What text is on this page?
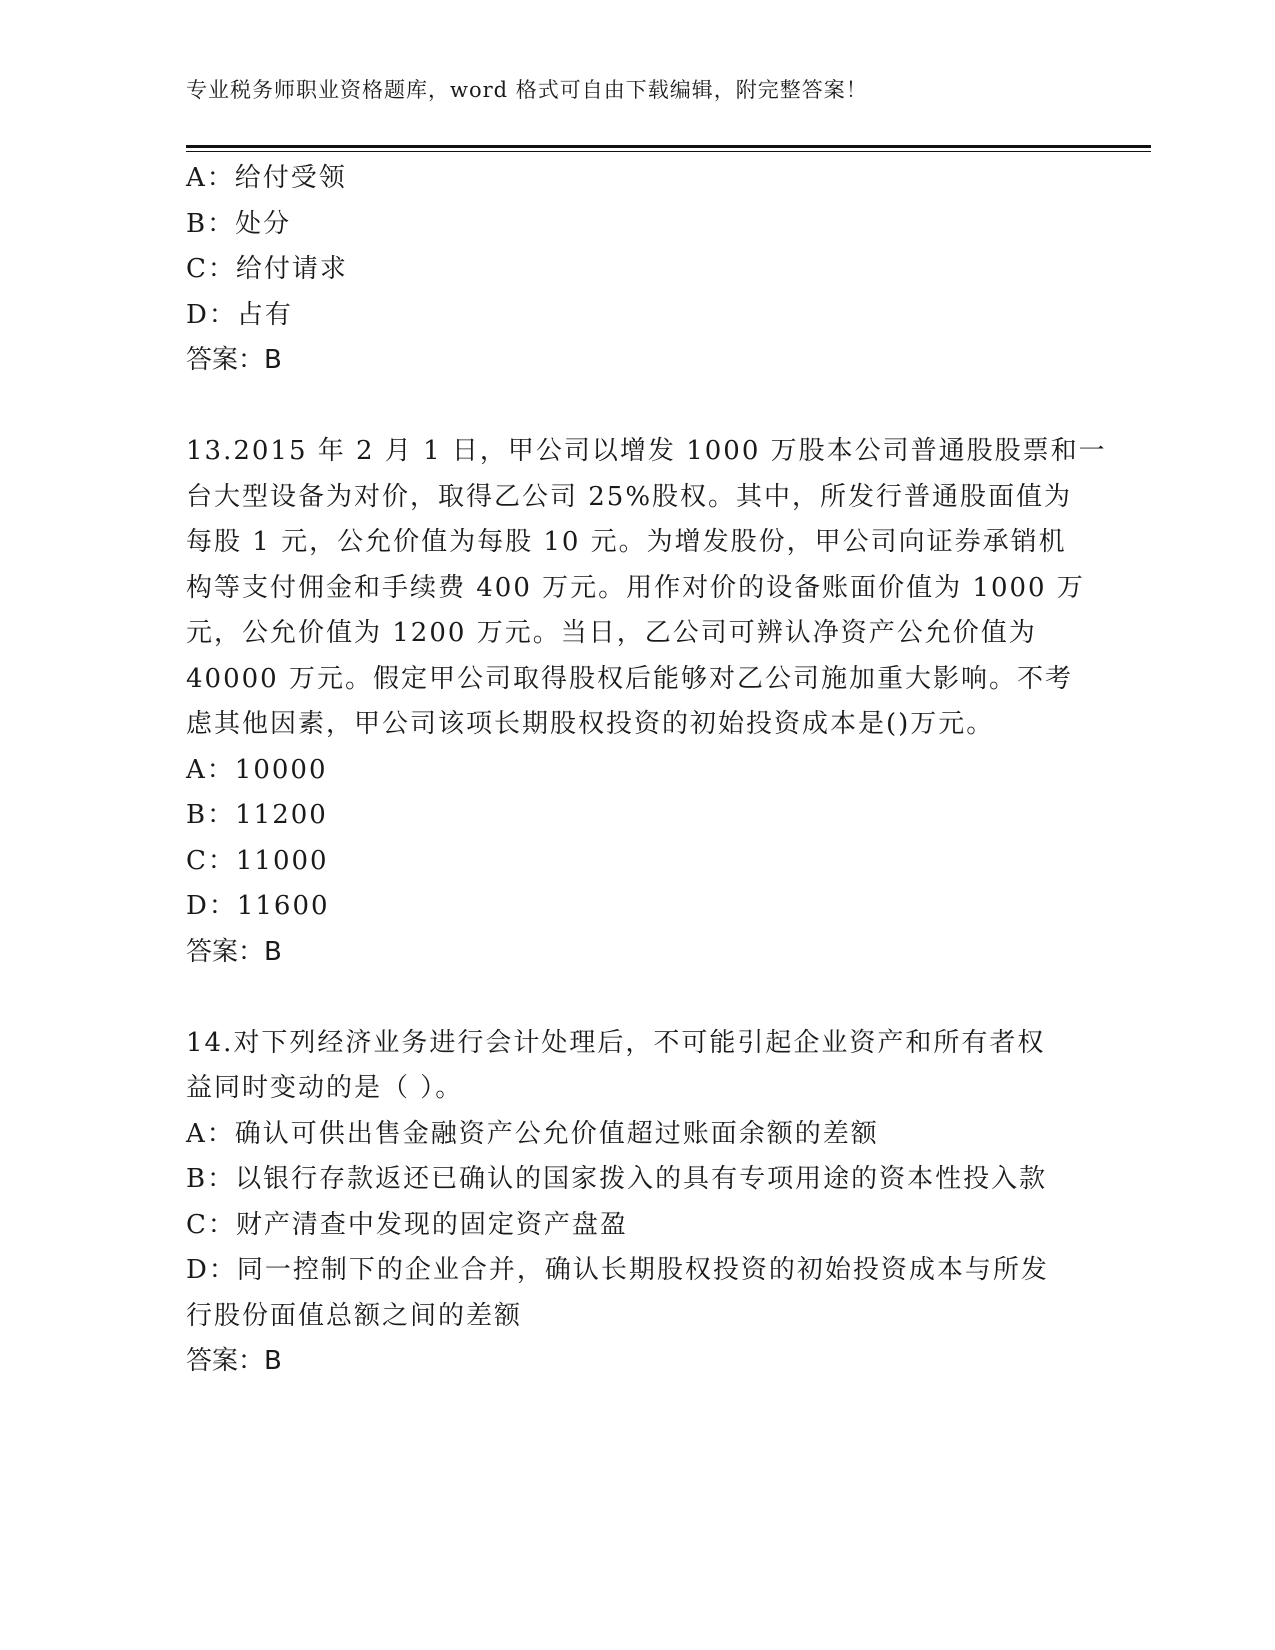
专业税务师职业资格题库，word 格式可自由下载编辑，附完整答案！
A：给付受领
B：处分
C：给付请求
D：占有
答案：B
13.2015 年 2 月 1 日，甲公司以增发 1000 万股本公司普通股股票和一
台大型设备为对价，取得乙公司 25%股权。其中，所发行普通股面值为
每股 1 元，公允价值为每股 10 元。为增发股份，甲公司向证券承销机
构等支付佣金和手续费 400 万元。用作对价的设备账面价值为 1000 万
元，公允价值为 1200 万元。当日，乙公司可辨认净资产公允价值为
40000 万元。假定甲公司取得股权后能够对乙公司施加重大影响。不考
虑其他因素，甲公司该项长期股权投资的初始投资成本是()万元。
A：10000
B：11200
C：11000
D：11600
答案：B
14.对下列经济业务进行会计处理后，不可能引起企业资产和所有者权
益同时变动的是（ ）。
A：确认可供出售金融资产公允价值超过账面余额的差额
B：以银行存款返还已确认的国家拨入的具有专项用途的资本性投入款
C：财产清查中发现的固定资产盘盈
D：同一控制下的企业合并，确认长期股权投资的初始投资成本与所发
行股份面值总额之间的差额
答案：B
